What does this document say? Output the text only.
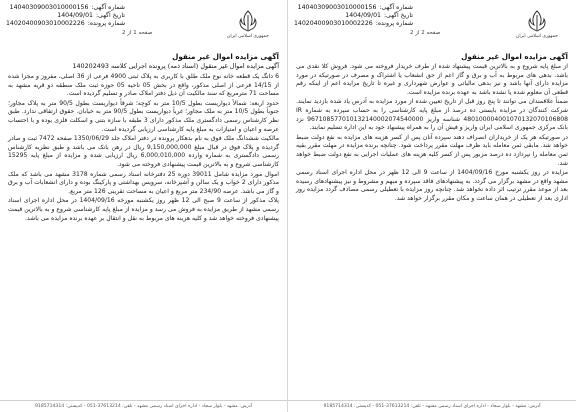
جمهوری اسلامی ایران
شماره آگهی:14040309003010000156
تاریخ آگهی:1404/09/01
شماره پرونده:14020400903010002226
صفحه 1 از 2
آگهی مزایده اموال غیر منقول
آگهی مزایده اموال غیر منقول (اسناد ذمه) پرونده اجرایی کلاسه 140202493

6 دانگ یک قطعه خانه نوع ملک طلق با کاربری به پلاک ثبتی 4900 فرعی از 36 اصلی، مفروز و مجزا شده از 14/15 فرعی از اصلی مذکور، واقع در بخش 05 ناحیه 05 حوزه ثبت ملک منطقه دو قریه مشهد به مساحت 71 مترمربع که سند مالکیت آن ذیل دفتر املاک صادر و تسلیم گردیده است.

حدود اربعه: شمالاً دیواریست بطول 10/5 متر به کوچه؛ شرقاً دیواریست بطول 90/5 متر به پلاک مجاور؛ جنوباً بطول 10/5 متر به ملک مجاور؛ غرباً دیواریست بطول 90/5 متر به خیابان. حقوق ارتفاقی ندارد. طبق نظر کارشناس رسمی دادگستری ملک مذکور دارای 3 طبقه با سازه بتنی و اسکلت فلزی بوده و با احتساب عرصه و اعیان و امتیازات به مبلغ پایه کارشناسی ارزیابی گردیده است.

مالکیت ششدانگ ملک فوق به نام بدهکار پرونده در دفتر املاک جلد 1350/06/29 صفحه 7472 ثبت و صادر گردیده و پلاک فوق در قبال مبلغ 9,150,000,000 ریال در رهن بانک می باشد و طبق نظریه کارشناس رسمی دادگستری به شماره وارده 6,000,010,000 ریال ارزیابی شده و مزایده از مبلغ پایه 15295 کارشناسی شروع و به بالاترین قیمت پیشنهادی فروخته می شود.

اموال مورد مزایده شامل 39011 دوره 25 دفترخانه اسناد رسمی شماره 3178 مشهد می باشد که ملک مذکور دارای 2 خواب و یک سالن و آشپزخانه، سرویس بهداشتی و پارکینگ بوده و دارای انشعابات آب و برق و گاز می باشد. عرصه 234/90 متر مربع و اعیان به مساحت تقریبی 126 متر مربع.

پلاک مذکور از ساعت 9 صبح الی 12 ظهر روز یکشنبه مورخه 1404/09/16 در محل اداره اجرای اسناد رسمی مشهد از طریق مزایده به فروش می رسد و مزایده از مبلغ پایه کارشناسی شروع و به بالاترین قیمت پیشنهادی فروخته خواهد شد و کلیه هزینه های مربوط به نقل و انتقال بر عهده برنده مزایده می باشد.

آدرس: مشهد - بلوار سجاد - اداره اجرای اسناد رسمی مشهد - تلفن: 37613214-051 - کدپستی: 9185714314
جمهوری اسلامی ایران
شماره آگهی:14040309003010000156
تاریخ آگهی:1404/09/01
شماره پرونده:14020400903010002226
صفحه 2 از 2
آگهی مزایده اموال غیر منقول

از مبلغ پایه شروع و به بالاترین قیمت پیشنهاد شده از طرف خریدار فروخته می شود. فروش کلا نقدی می باشد. بدهی های مربوط به آب و برق و گاز اعم از حق انشعاب یا اشتراک و مصرف در صورتیکه در مورد مزایده دارای آنها باشد و نیز بدهی مالیاتی و عوارض شهرداری و غیره تا تاریخ مزایده اعم از اینکه رقم قطعی آن معلوم شده یا نشده باشد به عهده برنده مزایده است.

ضمناً علاقمندان می توانند تا پنج روز قبل از تاریخ تعیین شده از مورد مزایده به آدرس یاد شده بازدید نمایند. شرکت کنندگان در مزایده بایستی ده درصد از مبلغ پایه کارشناسی را به حساب سپرده به شماره IR 480100004001070132070106808 شناسه واریز 967108577010132140002074540000 نزد بانک مرکزی جمهوری اسلامی ایران واریز و فیش آن را به همراه پیشنهاد خود به این اداره تسلیم نمایند.

در صورتیکه هر یک از خریداران انصراف دهند سپرده آنان پس از کسر هزینه های مزایده به نفع دولت ضبط خواهد شد. مابقی ثمن معامله باید ظرف مهلت مقرر پرداخت شود. چنانچه برنده مزایده در مهلت مقرر بقیه ثمن معامله را نپردازد ده درصد مزبور پس از کسر کلیه هزینه های عملیات اجرایی به نفع دولت ضبط خواهد شد.

مزایده در روز یکشنبه مورخ 1404/09/16 از ساعت 9 الی 12 ظهر در محل اداره اجرای اسناد رسمی مشهد واقع در مشهد برگزار می گردد. به پیشنهادهای فاقد سپرده و مبهم و مشروط و نیز پیشنهادهای رسیده بعد از موعد مقرر ترتیب اثر داده نخواهد شد. چنانچه روز مزایده با تعطیلی رسمی مصادف گردد مزایده روز اداری بعد از تعطیلی در همان ساعت و مکان مقرر برگزار خواهد شد.

آدرس: مشهد - بلوار سجاد - اداره اجرای اسناد رسمی مشهد - تلفن: 37613214-051 - کدپستی: 9185714314
